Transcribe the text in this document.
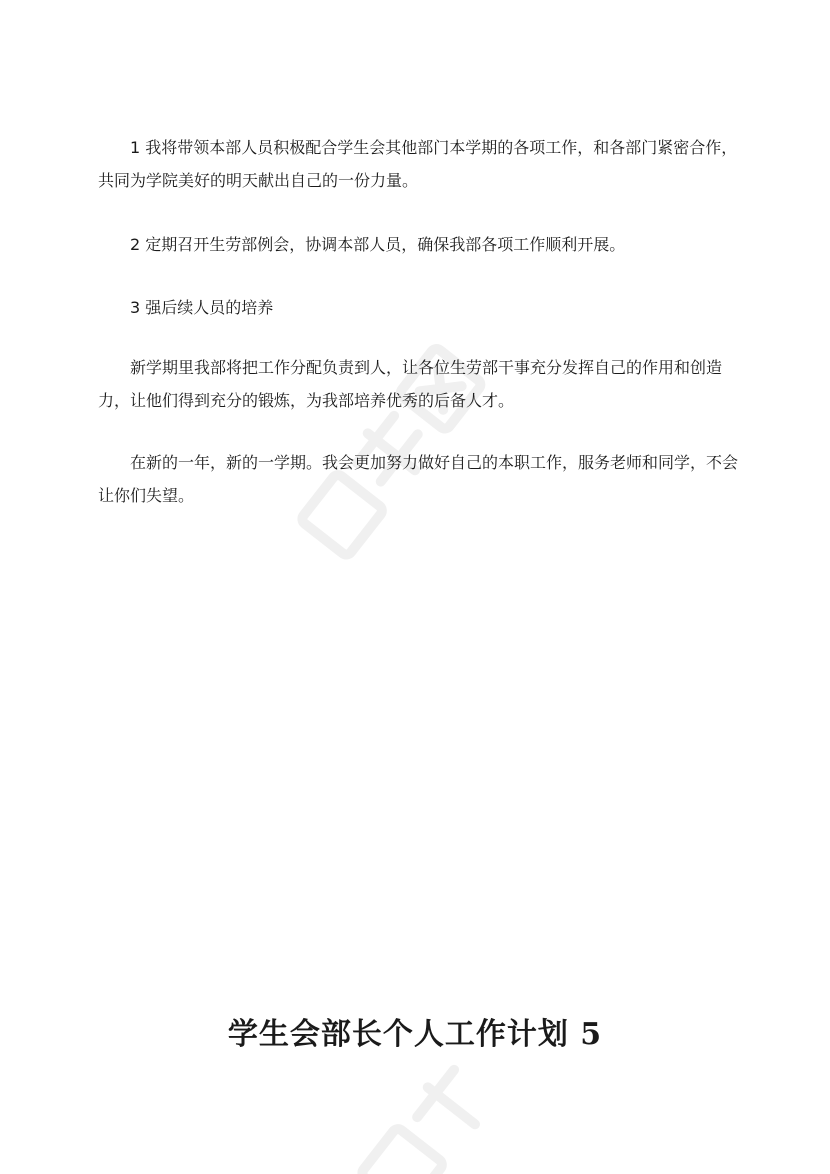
1 我将带领本部人员积极配合学生会其他部门本学期的各项工作，和各部门紧密合作，共同为学院美好的明天献出自己的一份力量。

2 定期召开生劳部例会，协调本部人员，确保我部各项工作顺利开展。

3 强后续人员的培养

新学期里我部将把工作分配负责到人，让各位生劳部干事充分发挥自己的作用和创造力，让他们得到充分的锻炼，为我部培养优秀的后备人才。

在新的一年，新的一学期。我会更加努力做好自己的本职工作，服务老师和同学，不会让你们失望。

学生会部长个人工作计划 5
